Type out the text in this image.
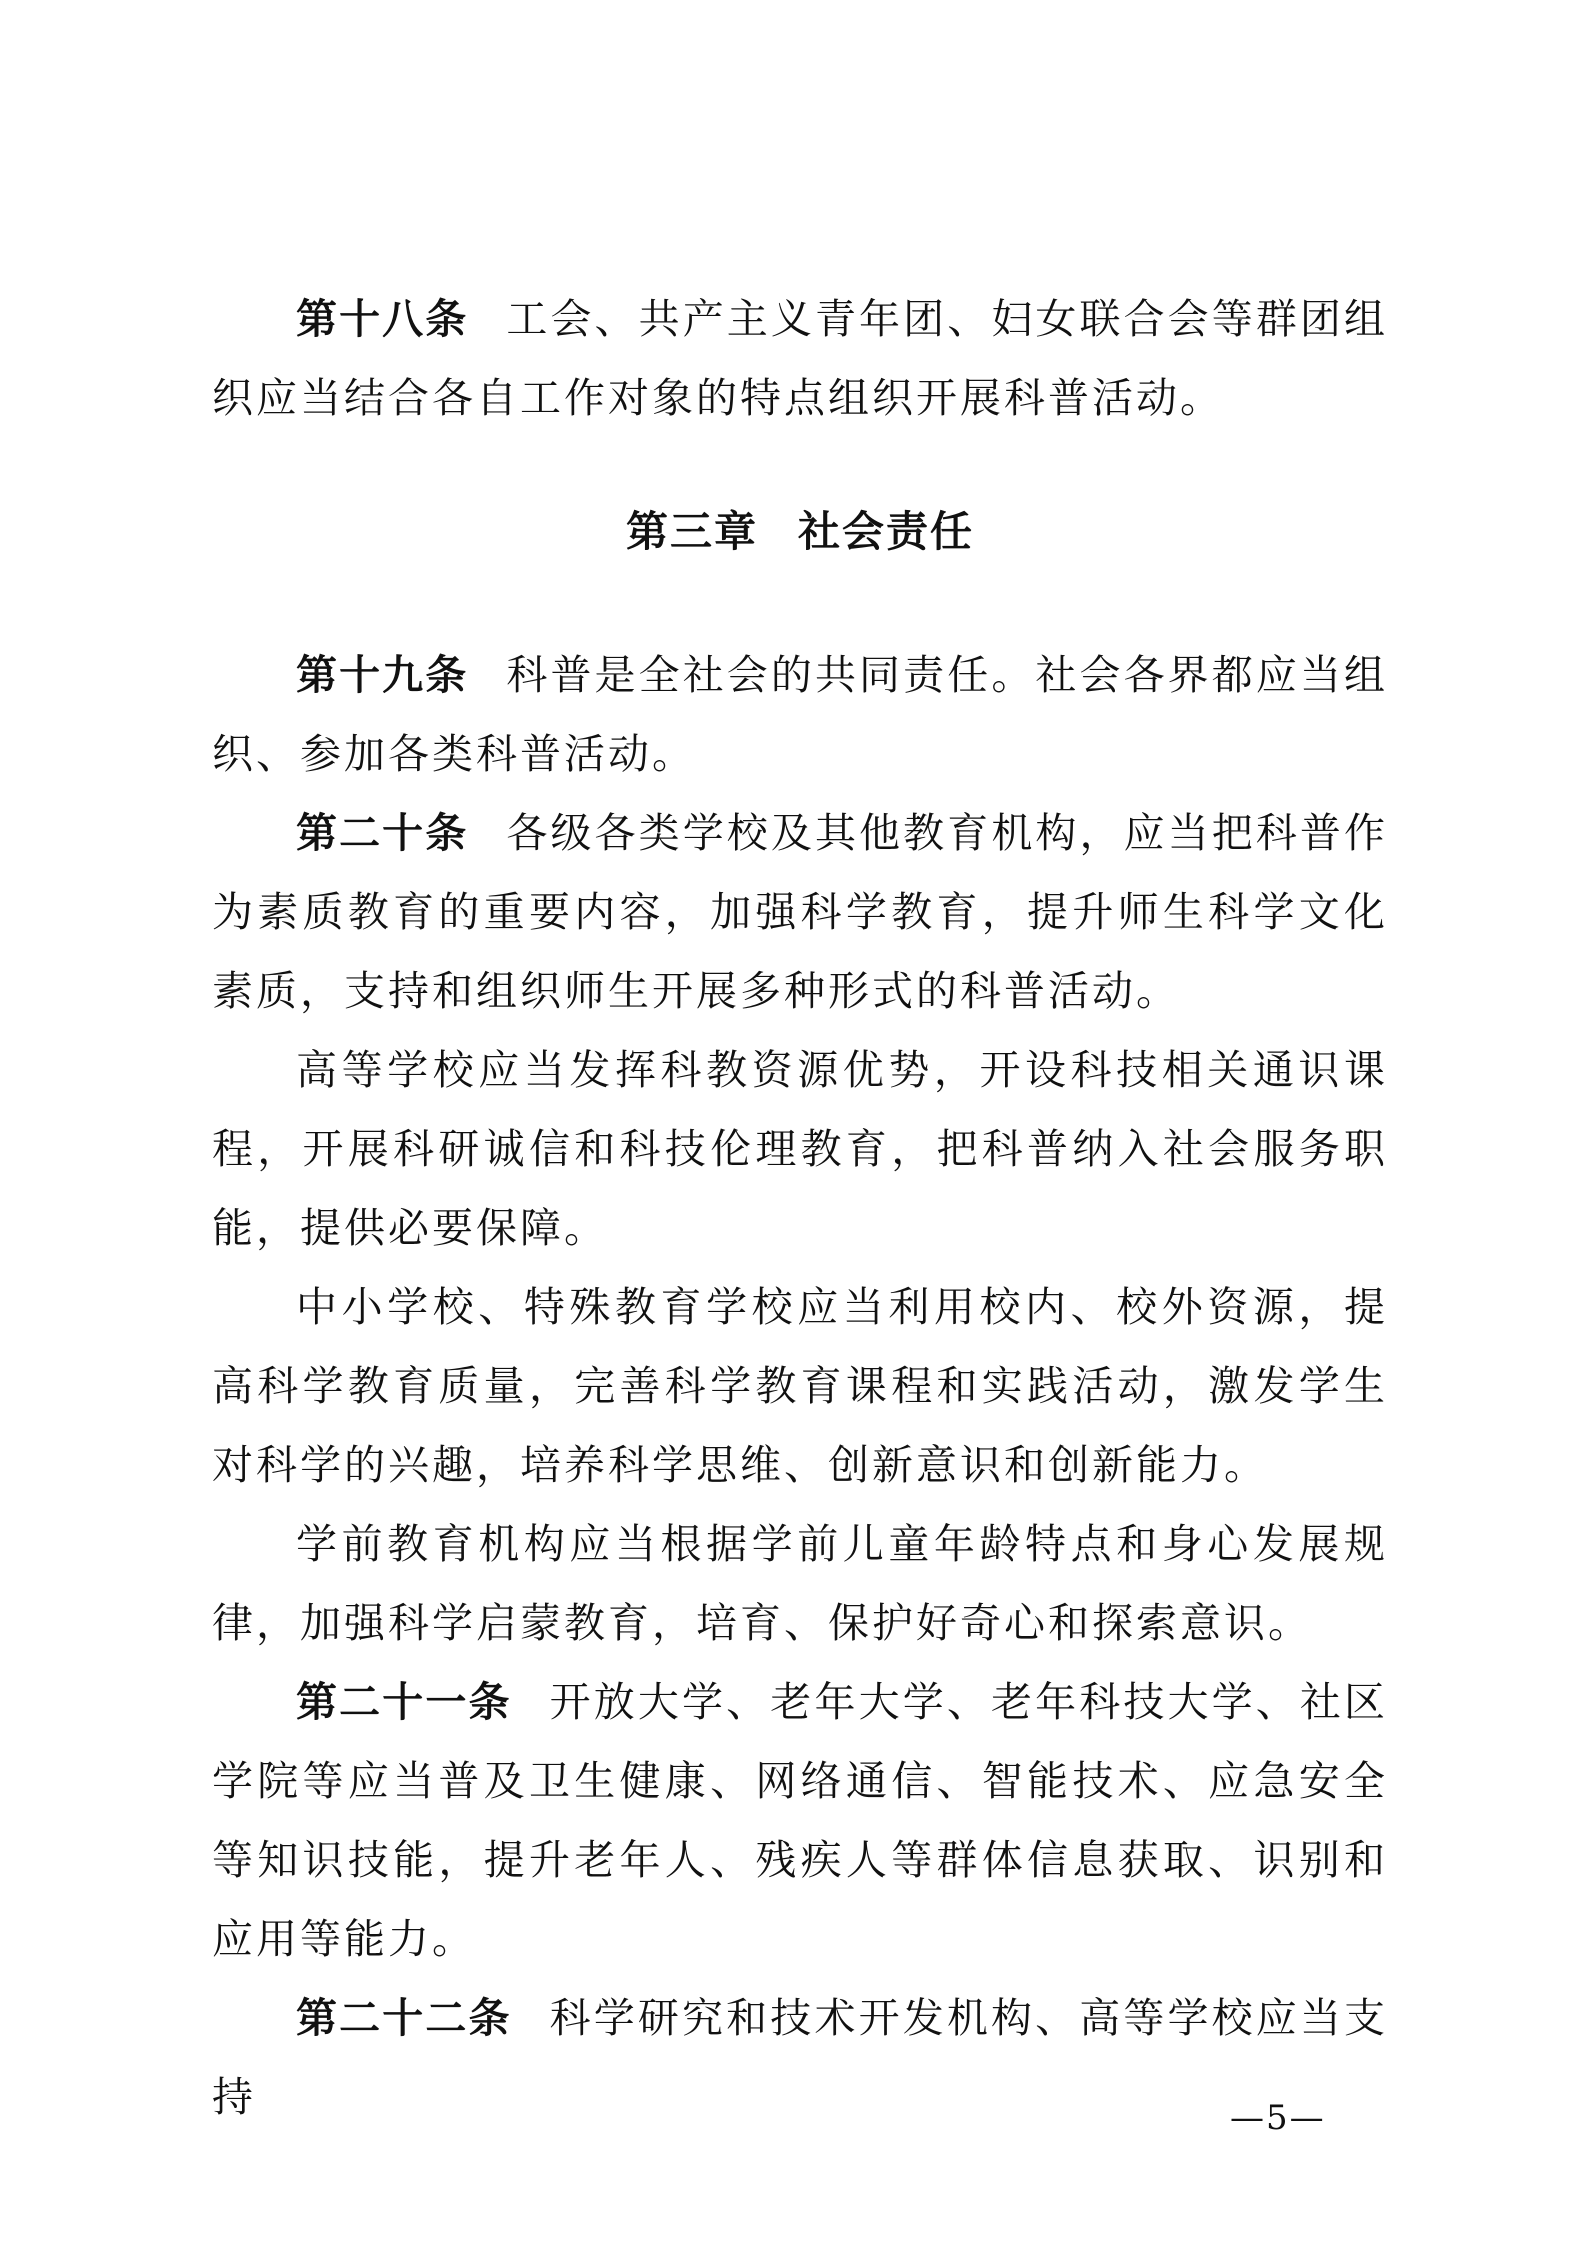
第十八条 工会、共产主义青年团、妇女联合会等群团组织应当结合各自工作对象的特点组织开展科普活动。

第三章 社会责任

第十九条 科普是全社会的共同责任。社会各界都应当组织、参加各类科普活动。

第二十条 各级各类学校及其他教育机构，应当把科普作为素质教育的重要内容，加强科学教育，提升师生科学文化素质，支持和组织师生开展多种形式的科普活动。

高等学校应当发挥科教资源优势，开设科技相关通识课程，开展科研诚信和科技伦理教育，把科普纳入社会服务职能，提供必要保障。

中小学校、特殊教育学校应当利用校内、校外资源，提高科学教育质量，完善科学教育课程和实践活动，激发学生对科学的兴趣，培养科学思维、创新意识和创新能力。

学前教育机构应当根据学前儿童年龄特点和身心发展规律，加强科学启蒙教育，培育、保护好奇心和探索意识。

第二十一条 开放大学、老年大学、老年科技大学、社区学院等应当普及卫生健康、网络通信、智能技术、应急安全等知识技能，提升老年人、残疾人等群体信息获取、识别和应用等能力。

第二十二条 科学研究和技术开发机构、高等学校应当支持	—5—
